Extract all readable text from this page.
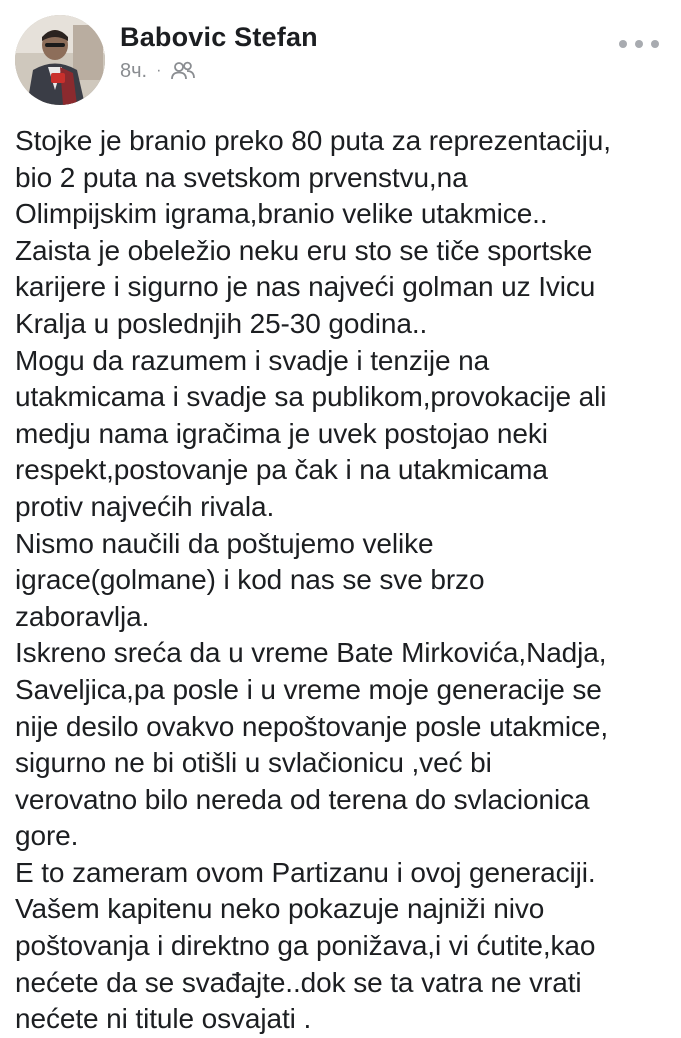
Babovic Stefan
8ч. ·
Stojke je branio preko 80 puta za reprezentaciju,
bio 2 puta na svetskom prvenstvu,na
Olimpijskim igrama,branio velike utakmice..
Zaista je obeležio neku eru sto se tiče sportske
karijere i sigurno je nas najveći golman uz Ivicu
Kralja u poslednjih 25-30 godina..
Mogu da razumem i svadje i tenzije na
utakmicama i svadje sa publikom,provokacije ali
medju nama igračima je uvek postojao neki
respekt,postovanje pa čak i na utakmicama
protiv najvećih rivala.
Nismo naučili da poštujemo velike
igrace(golmane) i kod nas se sve brzo
zaboravlja.
Iskreno sreća da u vreme Bate Mirkovića,Nadja,
Saveljica,pa posle i u vreme moje generacije se
nije desilo ovakvo nepoštovanje posle utakmice,
sigurno ne bi otišli u svlačionicu ,već bi
verovatno bilo nereda od terena do svlacionica
gore.
E to zameram ovom Partizanu i ovoj generaciji.
Vašem kapitenu neko pokazuje najniži nivo
poštovanja i direktno ga ponižava,i vi ćutite,kao
nećete da se svađajte..dok se ta vatra ne vrati
nećete ni titule osvajati .
